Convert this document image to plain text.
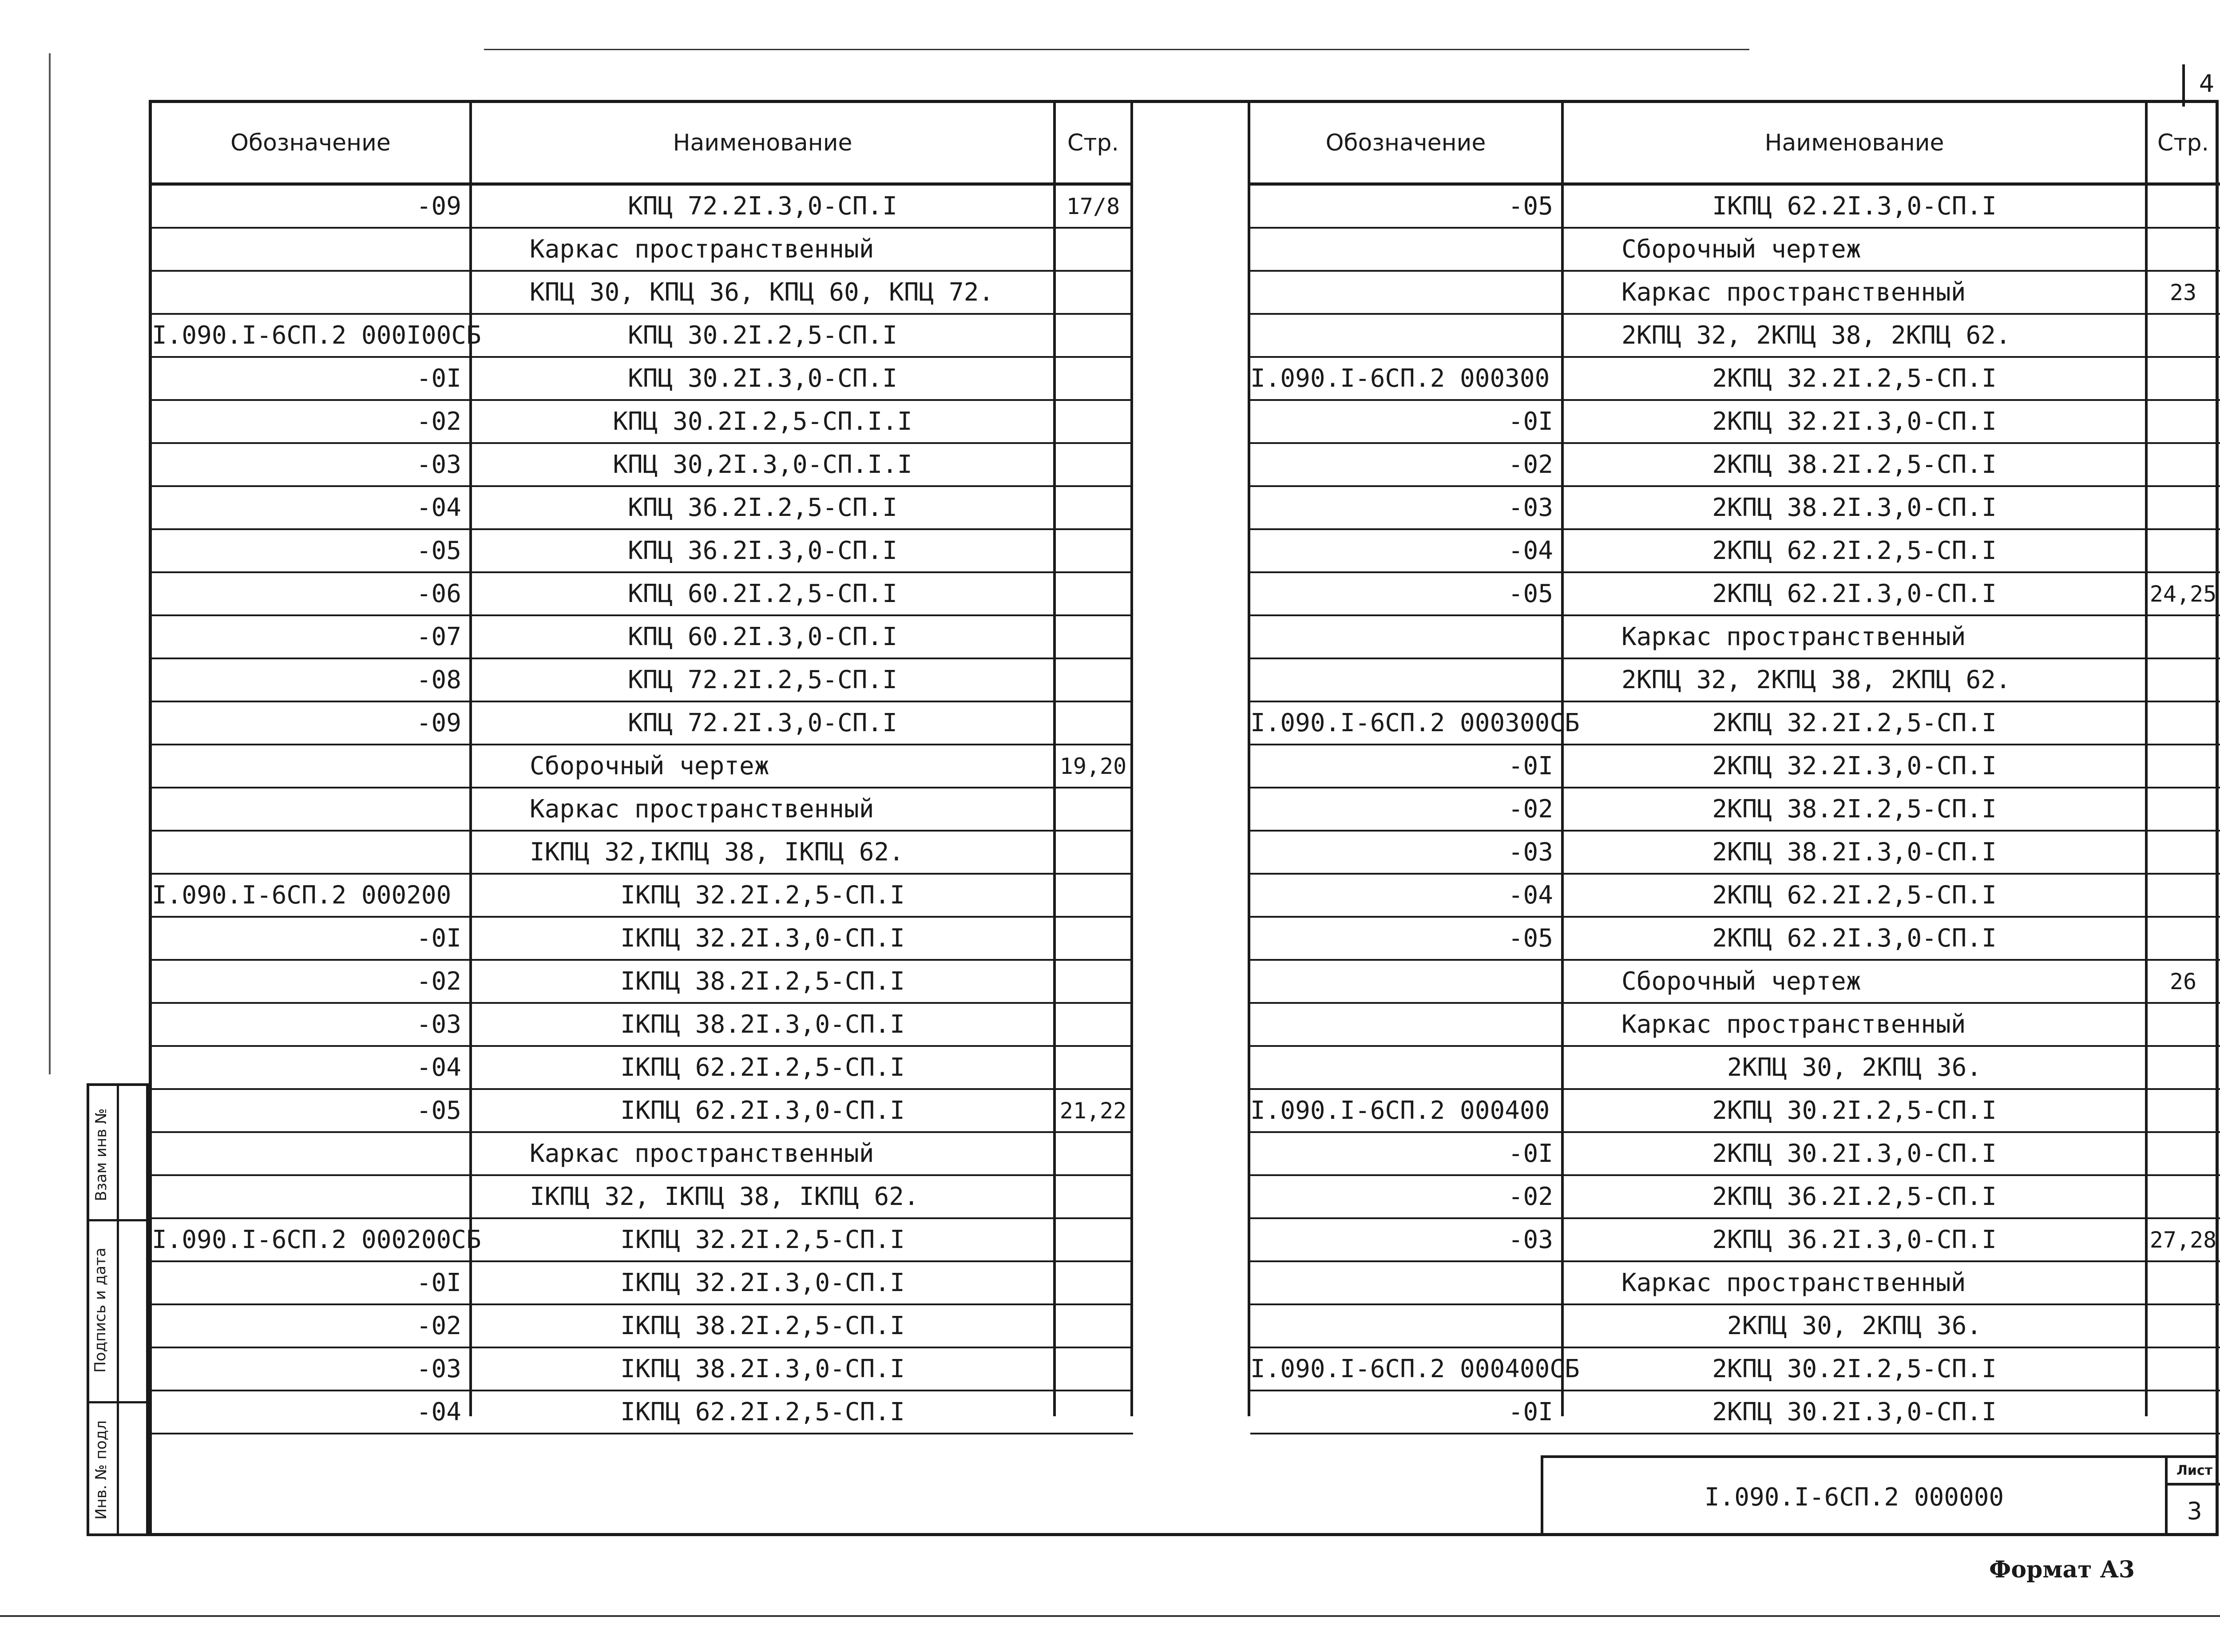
4
Обозначение	Наименование	Стр.
-09	КПЦ 72.2I.3,0-СП.I	17/8
Каркас пространственный
КПЦ 30, КПЦ 36, КПЦ 60, КПЦ 72.
I.090.I-6СП.2 000I00СБ	КПЦ 30.2I.2,5-СП.I
-0I	КПЦ 30.2I.3,0-СП.I
-02	КПЦ 30.2I.2,5-СП.I.I
-03	КПЦ 30,2I.3,0-СП.I.I
-04	КПЦ 36.2I.2,5-СП.I
-05	КПЦ 36.2I.3,0-СП.I
-06	КПЦ 60.2I.2,5-СП.I
-07	КПЦ 60.2I.3,0-СП.I
-08	КПЦ 72.2I.2,5-СП.I
-09	КПЦ 72.2I.3,0-СП.I
Сборочный чертеж	19,20
Каркас пространственный
IКПЦ 32,IКПЦ 38, IКПЦ 62.
I.090.I-6СП.2 000200	IКПЦ 32.2I.2,5-СП.I
-0I	IКПЦ 32.2I.3,0-СП.I
-02	IКПЦ 38.2I.2,5-СП.I
-03	IКПЦ 38.2I.3,0-СП.I
-04	IКПЦ 62.2I.2,5-СП.I
-05	IКПЦ 62.2I.3,0-СП.I	21,22
Каркас пространственный
IКПЦ 32, IКПЦ 38, IКПЦ 62.
I.090.I-6СП.2 000200СБ	IКПЦ 32.2I.2,5-СП.I
-0I	IКПЦ 32.2I.3,0-СП.I
-02	IКПЦ 38.2I.2,5-СП.I
-03	IКПЦ 38.2I.3,0-СП.I
-04	IКПЦ 62.2I.2,5-СП.I
Обозначение	Наименование	Стр.
-05	IКПЦ 62.2I.3,0-СП.I
Сборочный чертеж
Каркас пространственный	23
2КПЦ 32, 2КПЦ 38, 2КПЦ 62.
I.090.I-6СП.2 000300	2КПЦ 32.2I.2,5-СП.I
-0I	2КПЦ 32.2I.3,0-СП.I
-02	2КПЦ 38.2I.2,5-СП.I
-03	2КПЦ 38.2I.3,0-СП.I
-04	2КПЦ 62.2I.2,5-СП.I
-05	2КПЦ 62.2I.3,0-СП.I	24,25
Каркас пространственный
2КПЦ 32, 2КПЦ 38, 2КПЦ 62.
I.090.I-6СП.2 000300СБ	2КПЦ 32.2I.2,5-СП.I
-0I	2КПЦ 32.2I.3,0-СП.I
-02	2КПЦ 38.2I.2,5-СП.I
-03	2КПЦ 38.2I.3,0-СП.I
-04	2КПЦ 62.2I.2,5-СП.I
-05	2КПЦ 62.2I.3,0-СП.I
Сборочный чертеж	26
Каркас пространственный
2КПЦ 30, 2КПЦ 36.
I.090.I-6СП.2 000400	2КПЦ 30.2I.2,5-СП.I
-0I	2КПЦ 30.2I.3,0-СП.I
-02	2КПЦ 36.2I.2,5-СП.I
-03	2КПЦ 36.2I.3,0-СП.I	27,28
Каркас пространственный
2КПЦ 30, 2КПЦ 36.
I.090.I-6СП.2 000400СБ	2КПЦ 30.2I.2,5-СП.I
-0I	2КПЦ 30.2I.3,0-СП.I
Взам инв №
Подпись и дата
Инв. № подл	I.090.I-6СП.2 000000
Лист
3
Формат А3
